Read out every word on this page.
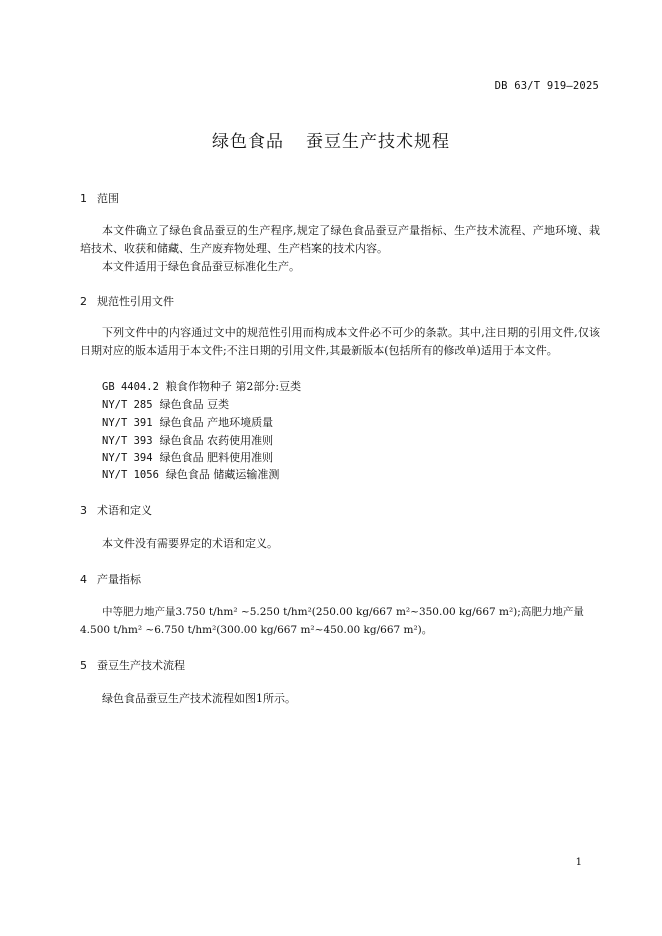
DB 63/T 919—2025
绿色食品 蚕豆生产技术规程
1 范围
本文件确立了绿色食品蚕豆的生产程序,规定了绿色食品蚕豆产量指标、生产技术流程、产地环境、栽培技术、收获和储藏、生产废弃物处理、生产档案的技术内容。
本文件适用于绿色食品蚕豆标准化生产。
2 规范性引用文件
下列文件中的内容通过文中的规范性引用而构成本文件必不可少的条款。其中,注日期的引用文件,仅该日期对应的版本适用于本文件;不注日期的引用文件,其最新版本(包括所有的修改单)适用于本文件。
GB 4404.2 粮食作物种子 第2部分:豆类
NY/T 285 绿色食品 豆类
NY/T 391 绿色食品 产地环境质量
NY/T 393 绿色食品 农药使用准则
NY/T 394 绿色食品 肥料使用准则
NY/T 1056 绿色食品 储藏运输准测
3 术语和定义
本文件没有需要界定的术语和定义。
4 产量指标
中等肥力地产量3.750 t/hm² ~5.250 t/hm²(250.00 kg/667 m²~350.00 kg/667 m²);高肥力地产量
4.500 t/hm² ~6.750 t/hm²(300.00 kg/667 m²~450.00 kg/667 m²)。
5 蚕豆生产技术流程
绿色食品蚕豆生产技术流程如图1所示。
1
